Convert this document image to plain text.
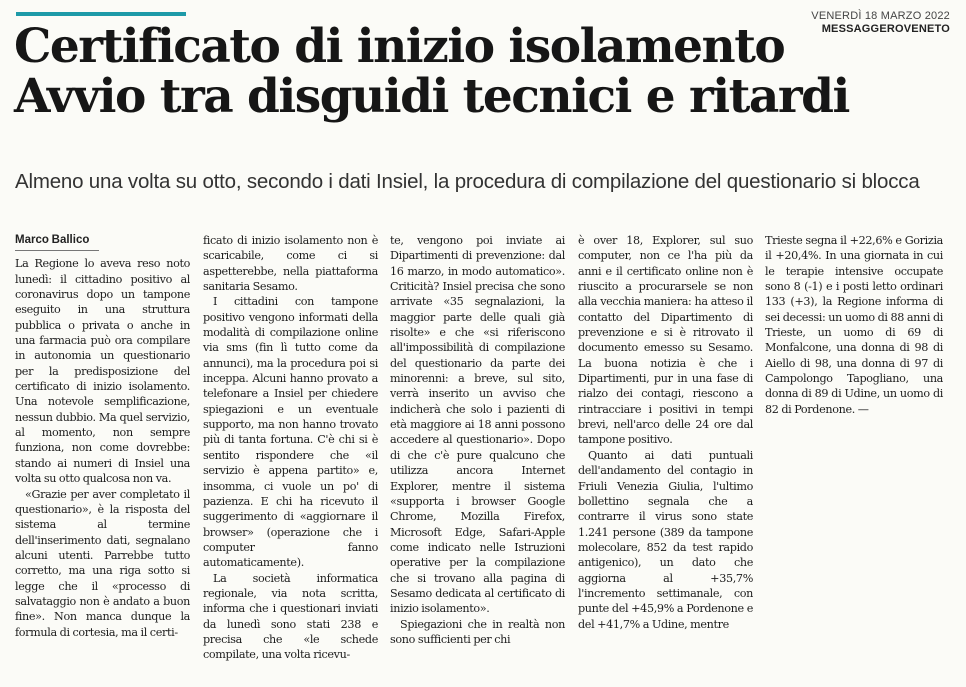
VENERDÌ 18 MARZO 2022
MESSAGGEROVENETO
Certificato di inizio isolamento
Avvio tra disguidi tecnici e ritardi
Almeno una volta su otto, secondo i dati Insiel, la procedura di compilazione del questionario si blocca
Marco Ballico

La Regione lo aveva reso noto lunedì: il cittadino positivo al coronavirus dopo un tampone eseguito in una struttura pubblica o privata o anche in una farmacia può ora compilare in autonomia un questionario per la predisposizione del certificato di inizio isolamento. Una notevole semplificazione, nessun dubbio. Ma quel servizio, al momento, non sempre funziona, non come dovrebbe: stando ai numeri di Insiel una volta su otto qualcosa non va.

«Grazie per aver completato il questionario», è la risposta del sistema al termine dell'inserimento dati, segnalano alcuni utenti. Parrebbe tutto corretto, ma una riga sotto si legge che il «processo di salvataggio non è andato a buon fine». Non manca dunque la formula di cortesia, ma il certi-

ficato di inizio isolamento non è scaricabile, come ci si aspetterebbe, nella piattaforma sanitaria Sesamo.

I cittadini con tampone positivo vengono informati della modalità di compilazione online via sms (fin lì tutto come da annunci), ma la procedura poi si inceppa. Alcuni hanno provato a telefonare a Insiel per chiedere spiegazioni e un eventuale supporto, ma non hanno trovato più di tanta fortuna. C'è chi si è sentito rispondere che «il servizio è appena partito» e, insomma, ci vuole un po' di pazienza. E chi ha ricevuto il suggerimento di «aggiornare il browser» (operazione che i computer fanno automaticamente).

La società informatica regionale, via nota scritta, informa che i questionari inviati da lunedì sono stati 238 e precisa che «le schede compilate, una volta ricevu-

te, vengono poi inviate ai Dipartimenti di prevenzione: dal 16 marzo, in modo automatico». Criticità? Insiel precisa che sono arrivate «35 segnalazioni, la maggior parte delle quali già risolte» e che «si riferiscono all'impossibilità di compilazione del questionario da parte dei minorenni: a breve, sul sito, verrà inserito un avviso che indicherà che solo i pazienti di età maggiore ai 18 anni possono accedere al questionario». Dopo di che c'è pure qualcuno che utilizza ancora Internet Explorer, mentre il sistema «supporta i browser Google Chrome, Mozilla Firefox, Microsoft Edge, Safari-Apple come indicato nelle Istruzioni operative per la compilazione che si trovano alla pagina di Sesamo dedicata al certificato di inizio isolamento».

Spiegazioni che in realtà non sono sufficienti per chi

è over 18, Explorer, sul suo computer, non ce l'ha più da anni e il certificato online non è riuscito a procurarsele se non alla vecchia maniera: ha atteso il contatto del Dipartimento di prevenzione e si è ritrovato il documento emesso su Sesamo. La buona notizia è che i Dipartimenti, pur in una fase di rialzo dei contagi, riescono a rintracciare i positivi in tempi brevi, nell'arco delle 24 ore dal tampone positivo.

Quanto ai dati puntuali dell'andamento del contagio in Friuli Venezia Giulia, l'ultimo bollettino segnala che a contrarre il virus sono state 1.241 persone (389 da tampone molecolare, 852 da test rapido antigenico), un dato che aggiorna al +35,7% l'incremento settimanale, con punte del +45,9% a Pordenone e del +41,7% a Udine, mentre

Trieste segna il +22,6% e Gorizia il +20,4%. In una giornata in cui le terapie intensive occupate sono 8 (-1) e i posti letto ordinari 133 (+3), la Regione informa di sei decessi: un uomo di 88 anni di Trieste, un uomo di 69 di Monfalcone, una donna di 98 di Aiello di 98, una donna di 97 di Campolongo Tapogliano, una donna di 89 di Udine, un uomo di 82 di Pordenone. —
